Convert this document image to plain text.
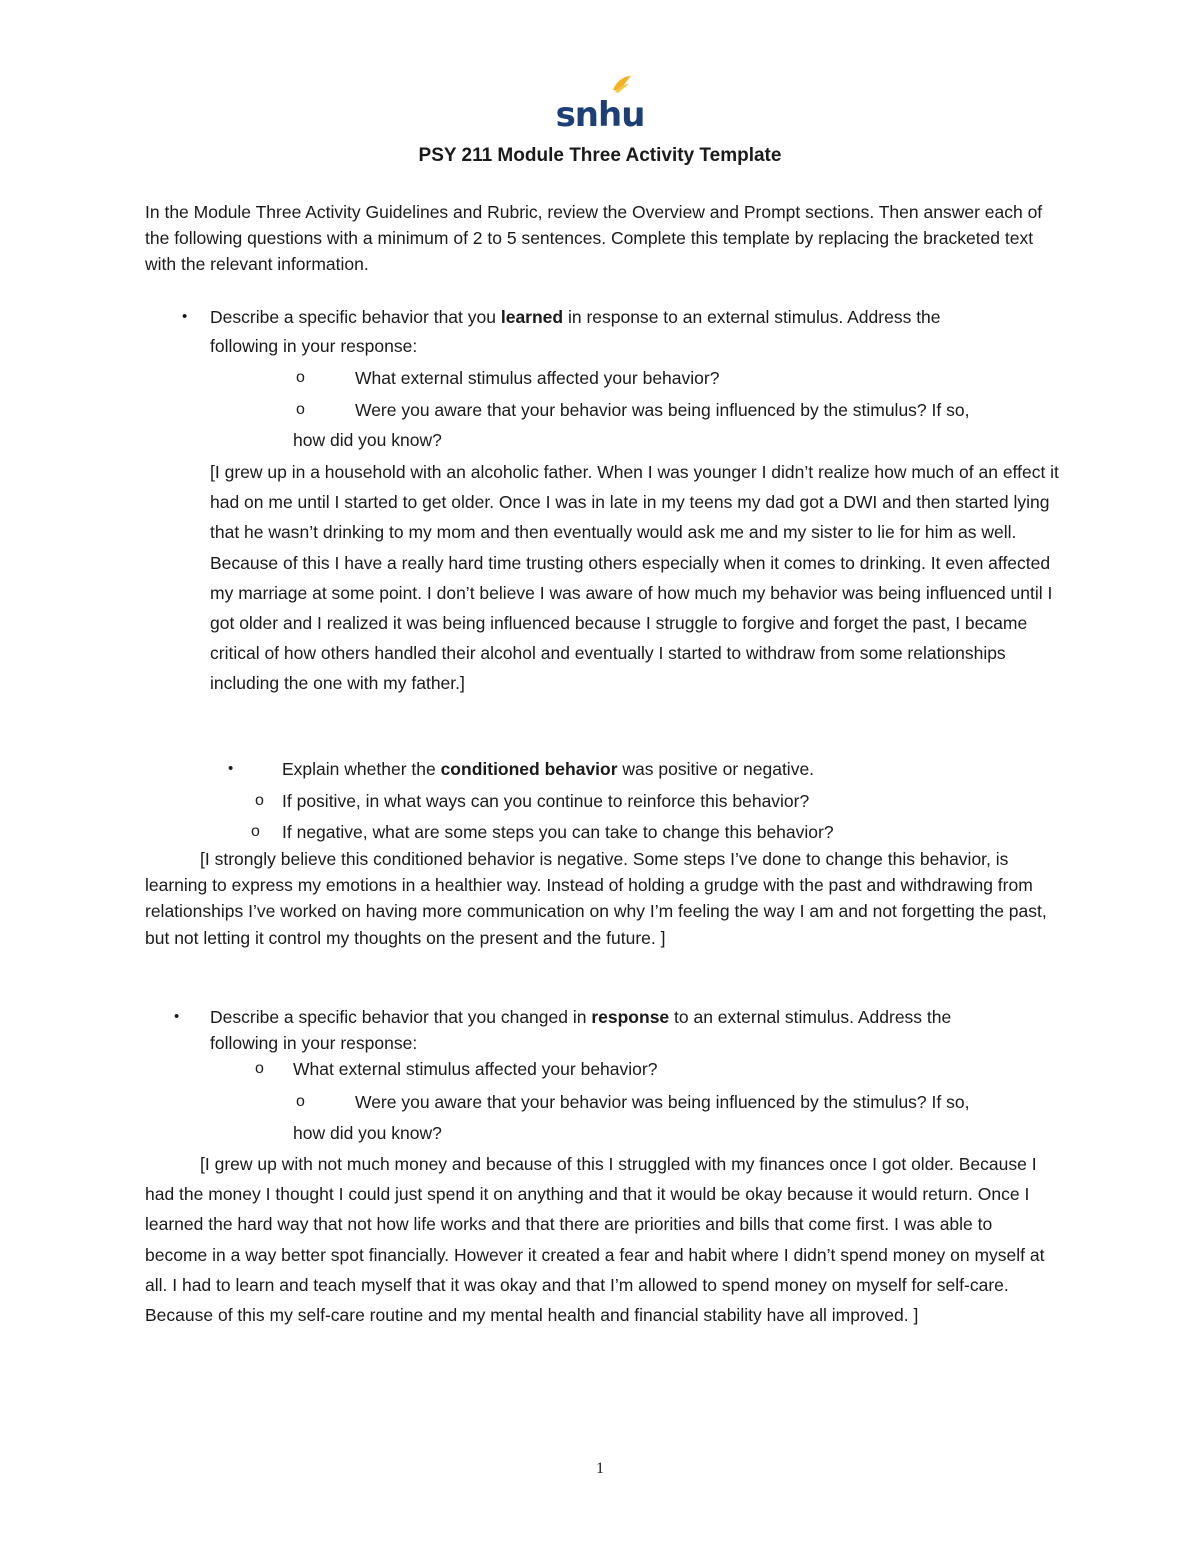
snhu
PSY 211 Module Three Activity Template
In the Module Three Activity Guidelines and Rubric, review the Overview and Prompt sections. Then answer each of the following questions with a minimum of 2 to 5 sentences. Complete this template by replacing the bracketed text with the relevant information.
• Describe a specific behavior that you learned in response to an external stimulus. Address the
following in your response:
o	What external stimulus affected your behavior?
o	Were you aware that your behavior was being influenced by the stimulus? If so,
how did you know?
[I grew up in a household with an alcoholic father. When I was younger I didn’t realize how much of an effect it had on me until I started to get older. Once I was in late in my teens my dad got a DWI and then started lying that he wasn’t drinking to my mom and then eventually would ask me and my sister to lie for him as well. Because of this I have a really hard time trusting others especially when it comes to drinking. It even affected my marriage at some point. I don’t believe I was aware of how much my behavior was being influenced until I got older and I realized it was being influenced because I struggle to forgive and forget the past, I became critical of how others handled their alcohol and eventually I started to withdraw from some relationships including the one with my father.]
•	Explain whether the conditioned behavior was positive or negative.
o If positive, in what ways can you continue to reinforce this behavior?
o If negative, what are some steps you can take to change this behavior?
[I strongly believe this conditioned behavior is negative. Some steps I’ve done to change this behavior, is learning to express my emotions in a healthier way. Instead of holding a grudge with the past and withdrawing from relationships I’ve worked on having more communication on why I’m feeling the way I am and not forgetting the past, but not letting it control my thoughts on the present and the future. ]
• Describe a specific behavior that you changed in response to an external stimulus. Address the
following in your response:
o What external stimulus affected your behavior?
o	Were you aware that your behavior was being influenced by the stimulus? If so,
how did you know?
[I grew up with not much money and because of this I struggled with my finances once I got older. Because I had the money I thought I could just spend it on anything and that it would be okay because it would return. Once I learned the hard way that not how life works and that there are priorities and bills that come first. I was able to become in a way better spot financially. However it created a fear and habit where I didn’t spend money on myself at all. I had to learn and teach myself that it was okay and that I’m allowed to spend money on myself for self-care. Because of this my self-care routine and my mental health and financial stability have all improved. ]
1
